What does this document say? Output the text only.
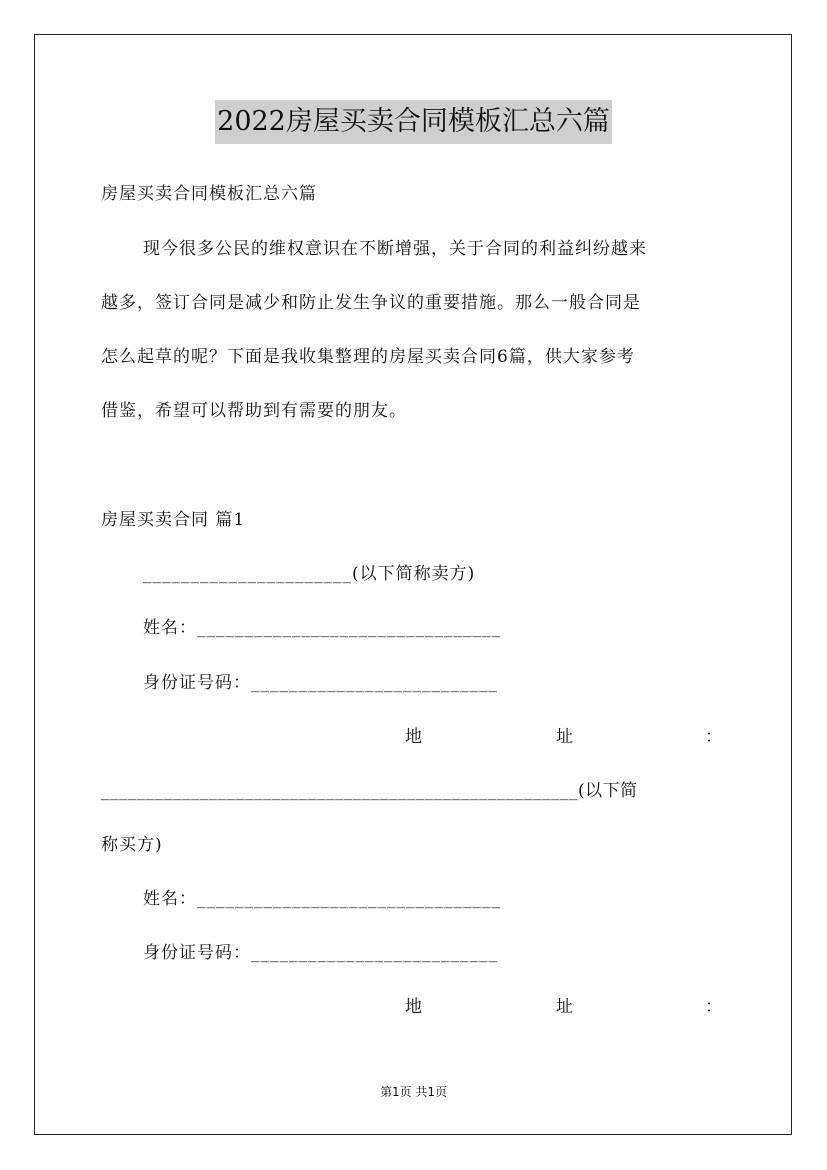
2022房屋买卖合同模板汇总六篇
房屋买卖合同模板汇总六篇
现今很多公民的维权意识在不断增强，关于合同的利益纠纷越来
越多，签订合同是减少和防止发生争议的重要措施。那么一般合同是
怎么起草的呢？下面是我收集整理的房屋买卖合同6篇，供大家参考
借鉴，希望可以帮助到有需要的朋友。
房屋买卖合同 篇1
______________________(以下简称卖方)
姓名：________________________________
身份证号码：__________________________
地	址	：
_____________________________________________________(以下简
称买方)
姓名：________________________________
身份证号码：__________________________
地	址	：
第1页 共1页
